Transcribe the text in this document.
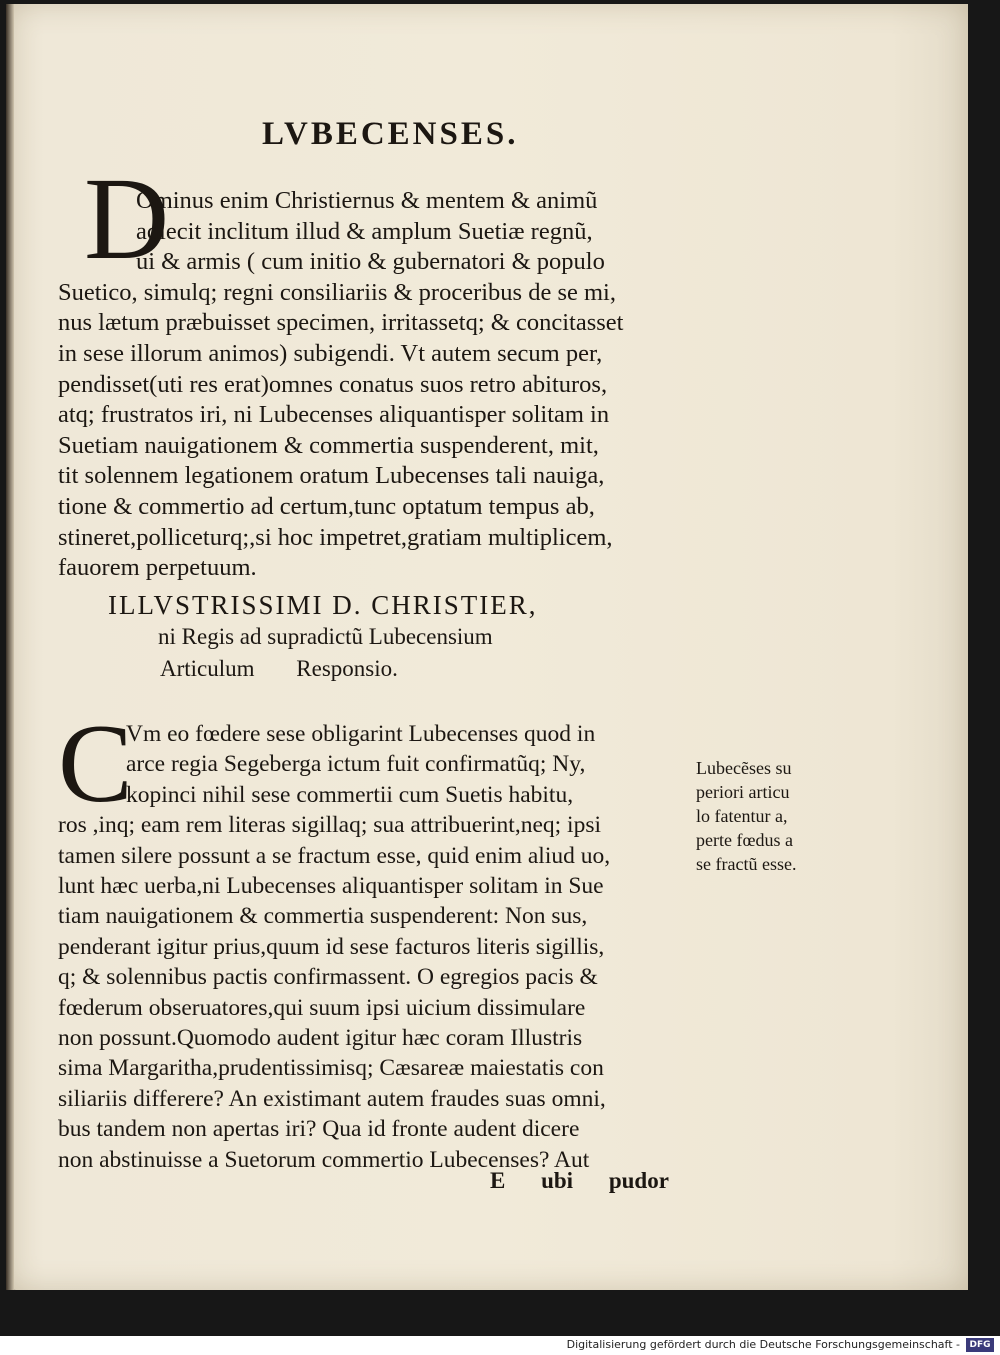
LVBECENSES.
D
Ominus enim Christiernus & mentem & animũ
adiecit inclitum illud & amplum Suetiæ regnũ,
ui & armis ( cum initio & gubernatori & populo
Suetico, simulq; regni consiliariis & proceribus de se mi,
nus lætum præbuisset specimen, irritassetq; & concitasset
in sese illorum animos) subigendi. Vt autem secum per,
pendisset(uti res erat)omnes conatus suos retro abituros,
atq; frustratos iri, ni Lubecenses aliquantisper solitam in
Suetiam nauigationem & commertia suspenderent, mit,
tit solennem legationem oratum Lubecenses tali nauiga,
tione & commertio ad certum,tunc optatum tempus ab,
stineret,polliceturq;,si hoc impetret,gratiam multiplicem,
fauorem perpetuum.
ILLVSTRISSIMI D. CHRISTIER,
ni Regis ad supradictũ Lubecensium
Articulum Responsio.
C
Vm eo fœdere sese obligarint Lubecenses quod in
arce regia Segeberga ictum fuit confirmatũq; Ny,
kopinci nihil sese commertii cum Suetis habitu,
ros ,inq; eam rem literas sigillaq; sua attribuerint,neq; ipsi
tamen silere possunt a se fractum esse, quid enim aliud uo,
lunt hæc uerba,ni Lubecenses aliquantisper solitam in Sue
tiam nauigationem & commertia suspenderent: Non sus,
penderant igitur prius,quum id sese facturos literis sigillis,
q; & solennibus pactis confirmassent. O egregios pacis &
fœderum obseruatores,qui suum ipsi uicium dissimulare
non possunt.Quomodo audent igitur hæc coram Illustris
sima Margaritha,prudentissimisq; Cæsareæ maiestatis con
siliariis differere? An existimant autem fraudes suas omni,
bus tandem non apertas iri? Qua id fronte audent dicere
non abstinuisse a Suetorum commertio Lubecenses? Aut
Lubecẽses su
periori articu
lo fatentur a,
perte fœdus a
se fractũ esse.
E ubi pudor
Digitalisierung gefördert durch die Deutsche Forschungsgemeinschaft -	DFG
